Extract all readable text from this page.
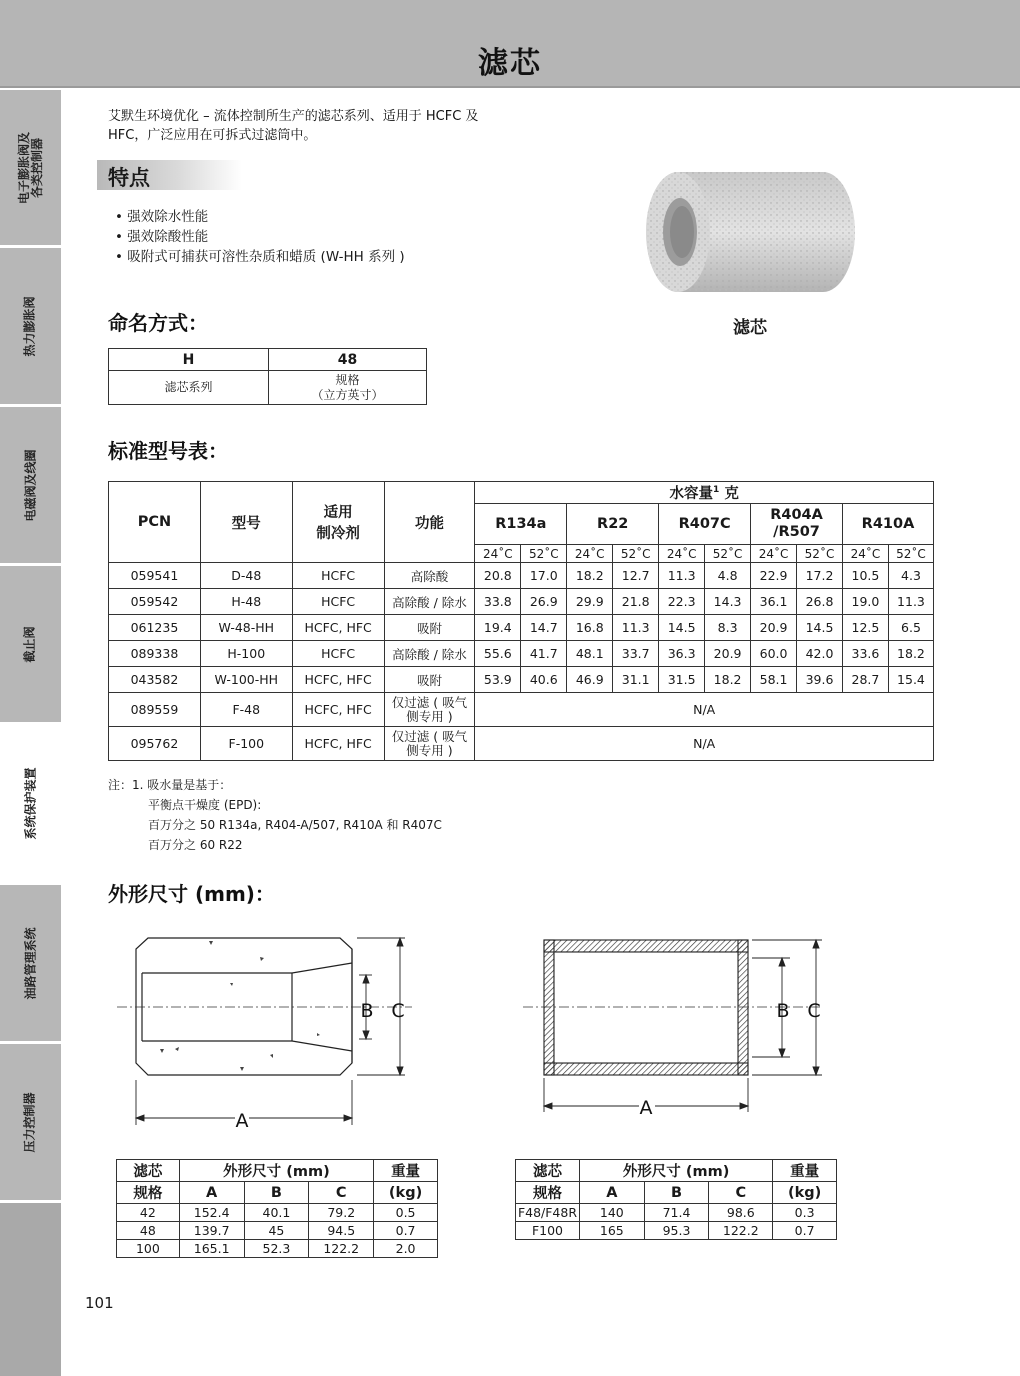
滤芯
电子膨胀阀及 各类控制器
热力膨胀阀
电磁阀及线圈
截止阀
系统保护装置
油路管理系统
压力控制器
艾默生环境优化 – 流体控制所生产的滤芯系列、适用于 HCFC 及
HFC，广泛应用在可拆式过滤筒中。
特点
• 强效除水性能
• 强效除酸性能
• 吸附式可捕获可溶性杂质和蜡质 (W-HH 系列 )
滤芯
命名方式：
H	48
滤芯系列	规格
（立方英寸）
标准型号表：
PCN	型号	适用
制冷剂	功能	水容量$^1$ 克									
				R134a		R22		R407C		R404A
/R507		R410A	
				24˚C	52˚C	24˚C	52˚C	24˚C	52˚C	24˚C	52˚C	24˚C	52˚C
059541	D-48	HCFC	高除酸	20.8	17.0	18.2	12.7	11.3	4.8	22.9	17.2	10.5	4.3
059542	H-48	HCFC	高除酸 / 除水	33.8	26.9	29.9	21.8	22.3	14.3	36.1	26.8	19.0	11.3
061235	W-48-HH	HCFC, HFC	吸附	19.4	14.7	16.8	11.3	14.5	8.3	20.9	14.5	12.5	6.5
089338	H-100	HCFC	高除酸 / 除水	55.6	41.7	48.1	33.7	36.3	20.9	60.0	42.0	33.6	18.2
043582	W-100-HH	HCFC, HFC	吸附	53.9	40.6	46.9	31.1	31.5	18.2	58.1	39.6	28.7	15.4
089559	F-48	HCFC, HFC	仅过滤 ( 吸气
侧专用 )	N/A									
095762	F-100	HCFC, HFC	仅过滤 ( 吸气
侧专用 )	N/A									
注：1. 吸水量是基于：
平衡点干燥度 (EPD):
百万分之 50 R134a, R404-A/507, R410A 和 R407C
百万分之 60 R22
外形尺寸 (mm)：
A
B C
A
B C
滤芯	外形尺寸 (mm)			重量
规格	A	B	C	(kg)
42	152.4	40.1	79.2	0.5
48	139.7	45	94.5	0.7
100	165.1	52.3	122.2	2.0
滤芯	外形尺寸 (mm)			重量
规格	A	B	C	(kg)
F48/F48R	140	71.4	98.6	0.3
F100	165	95.3	122.2	0.7
101
